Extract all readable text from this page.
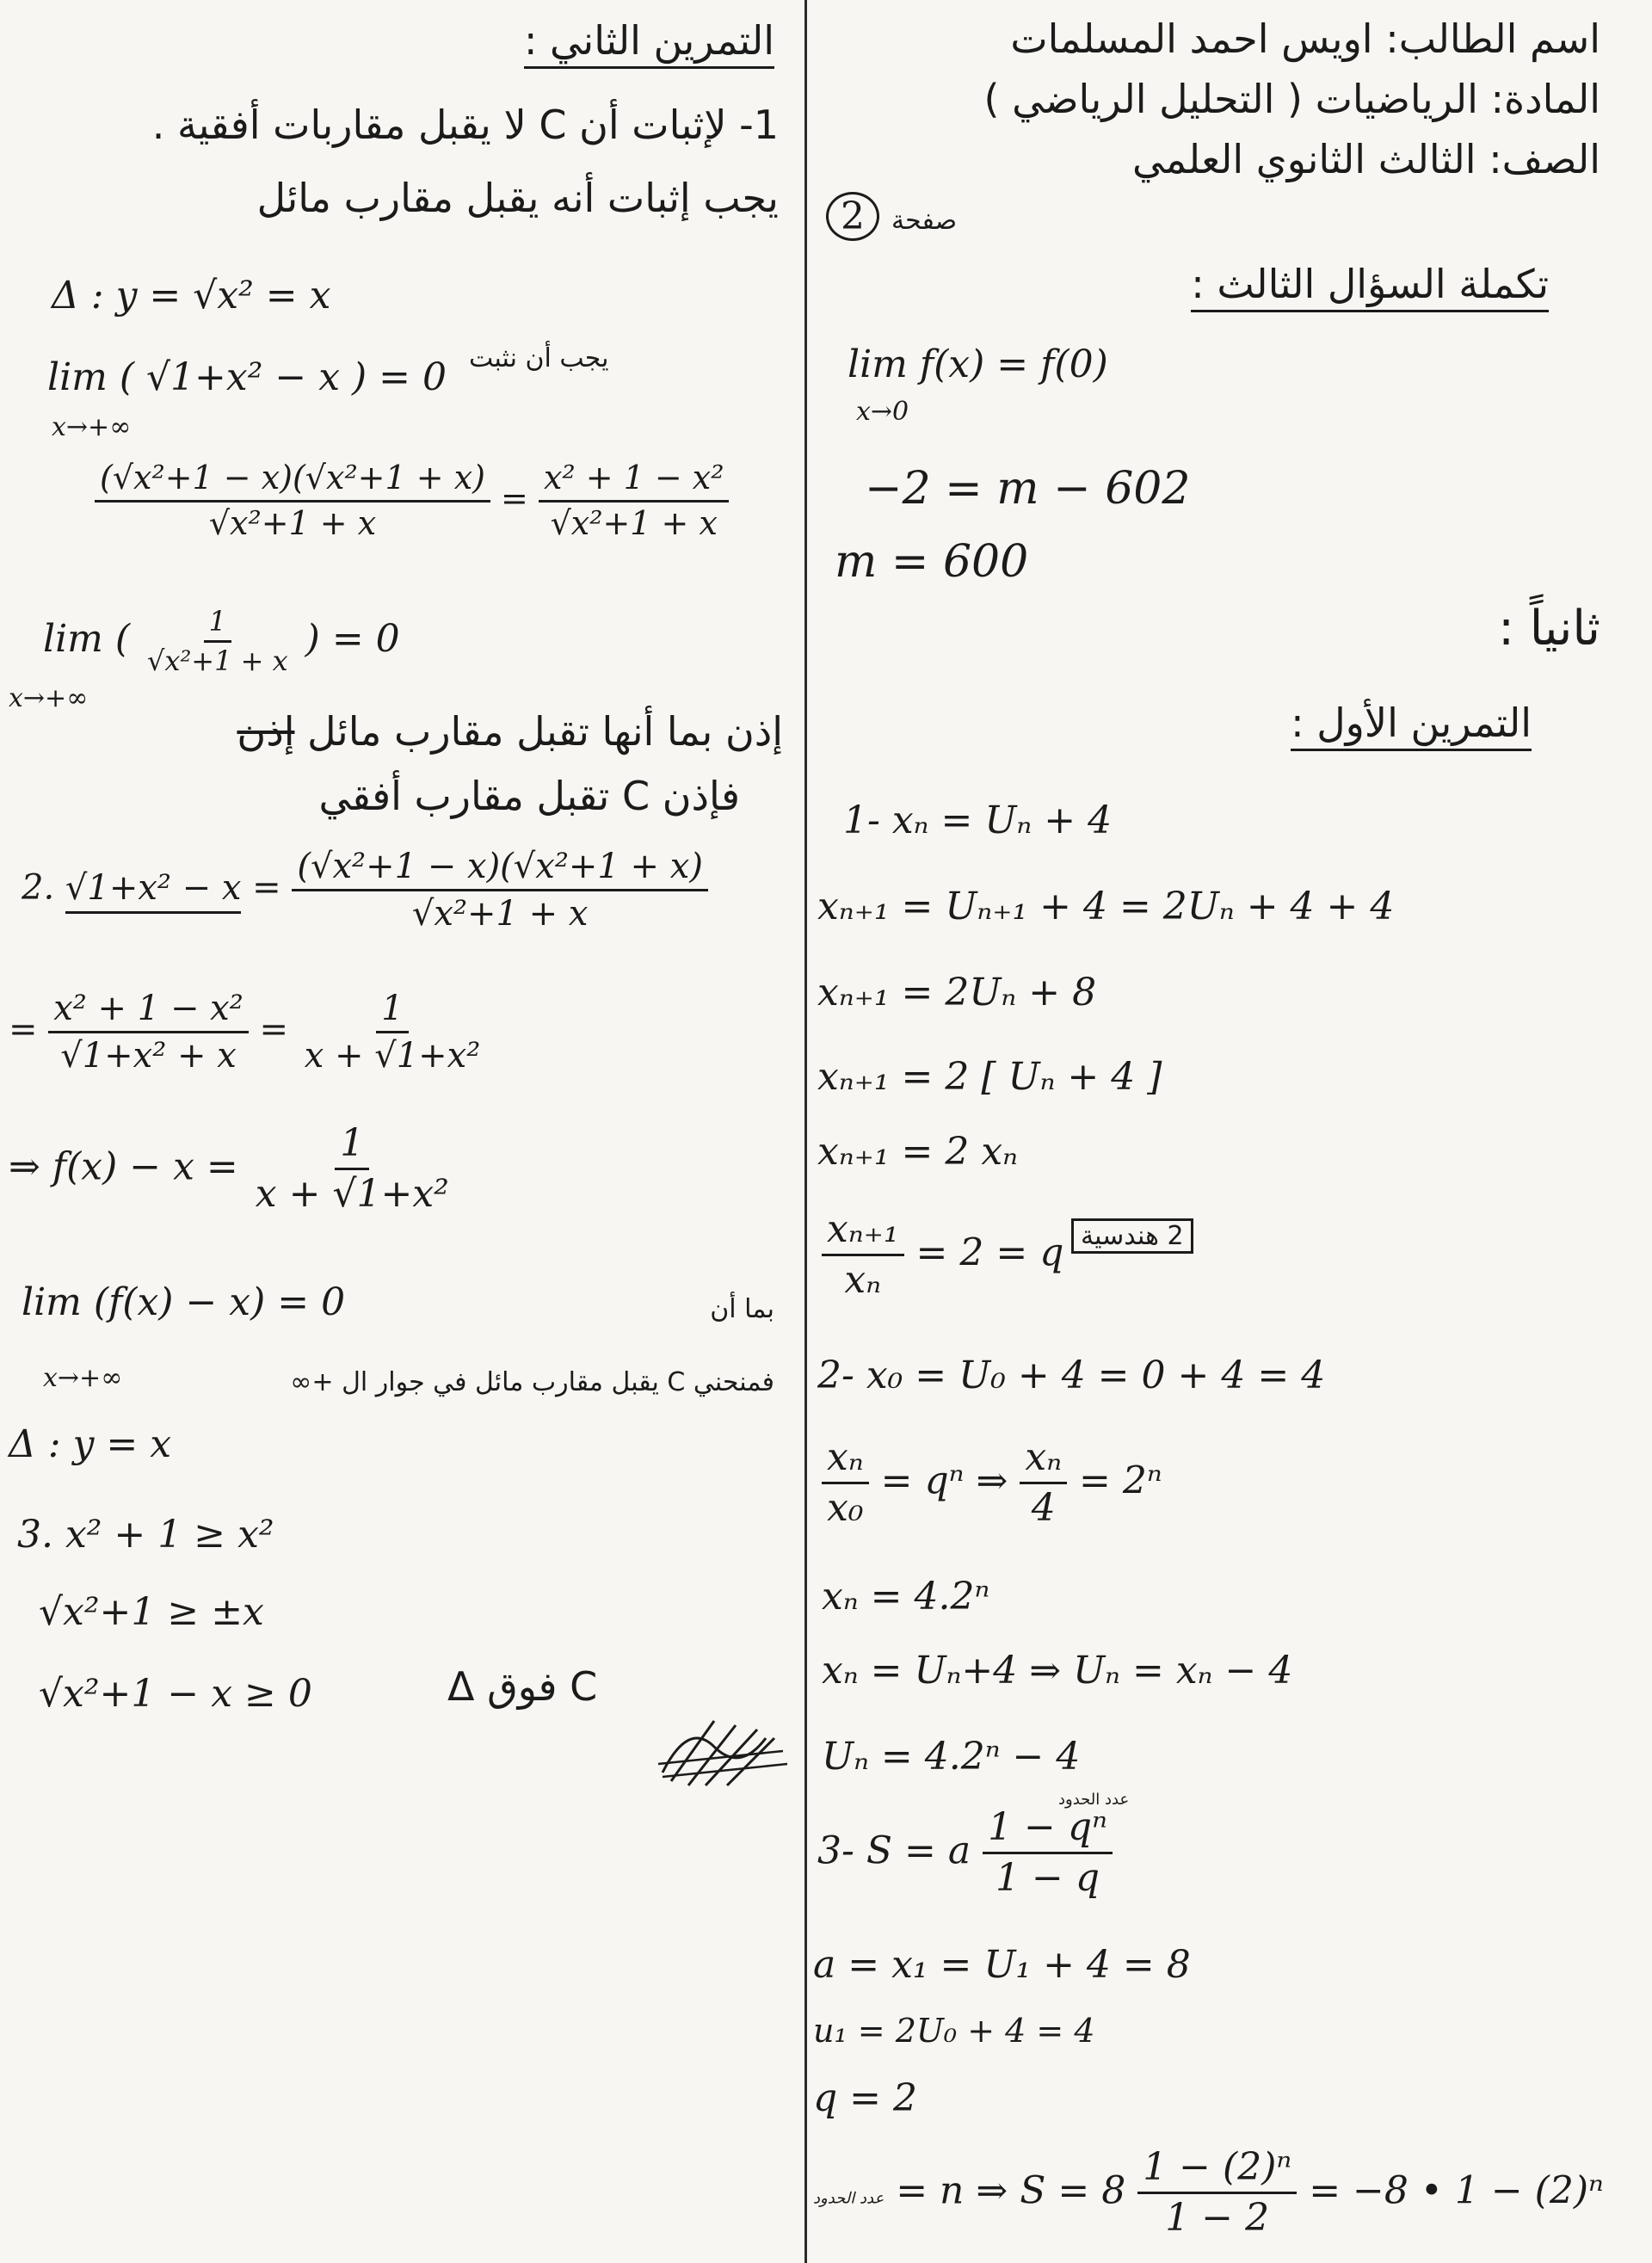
اسم الطالب: اويس احمد المسلمات
المادة: الرياضيات ( التحليل الرياضي )
الصف: الثالث الثانوي العلمي
2 صفحة
تكملة السؤال الثالث :
lim f(x) = f(0)
x→0
−2 = m − 602
m = 600
ثانياً :
التمرين الأول :
1- xₙ = Uₙ + 4
xₙ₊₁ = Uₙ₊₁ + 4 = 2Uₙ + 4 + 4
xₙ₊₁ = 2Uₙ + 8
xₙ₊₁ = 2 [ Uₙ + 4 ]
xₙ₊₁ = 2 xₙ
$\frac{\text{xₙ₊₁}}{\text{xₙ}} = 2 = q$ 2 هندسية
2- x₀ = U₀ + 4 = 0 + 4 = 4
$\frac{\text{xₙ}}{\text{x₀}} = q^n$ ⇒ $\frac{\text{xₙ}}{4} = 2^n$
xₙ = 4.2ⁿ
xₙ = Uₙ+4 ⇒ Uₙ = xₙ − 4
Uₙ = 4.2ⁿ − 4
عدد الحدود
3- S = a $\frac{\text{1 − qⁿ}}{1 - q}$
a = x₁ = U₁ + 4 = 8
u₁ = 2U₀ + 4 = 4
q = 2
عدد الحدود = n ⇒ $S = 8 \frac{\text{1 − (2)ⁿ}}{1 - 2} = -8$ • 1 − (2)ⁿ
التمرين الثاني :
1- لإثبات أن C لا يقبل مقاربات أفقية .
يجب إثبات أنه يقبل مقارب مائل
Δ : y = √x² = x
lim ( √1+x² − x ) = 0
x→+∞
يجب أن نثبت
$\frac{\text{(√x²+1 − x)(√x²+1 + x)}}{\text{√x²+1 + x}} = \frac{\text{x² + 1 − x²}}{\text{√x²+1 + x}}$
lim ( $\frac{1}{\text{√x²+1 + x}}$ ) = 0
x→+∞
إذن بما أنها تقبل مقارب مائل إذن
فإذن C تقبل مقارب أفقي
2. $√1+x^2 - x = \frac{\text{(√x²+1 − x)(√x²+1 + x)}}{\text{√x²+1 + x}}$
= $\frac{\text{x² + 1 − x²}}{\text{√1+x² + x}} = \frac{1}{\text{x + √1+x²}}$
⇒ $f(x) - x = \frac{1}{\text{x + √1+x²}}$
lim (f(x) − x) = 0
x→+∞
بما أن
فمنحني C يقبل مقارب مائل في جوار ال +∞
Δ : y = x
3. x² + 1 ≥ x²
√x²+1 ≥ ±x
√x²+1 − x ≥ 0	C فوق Δ
